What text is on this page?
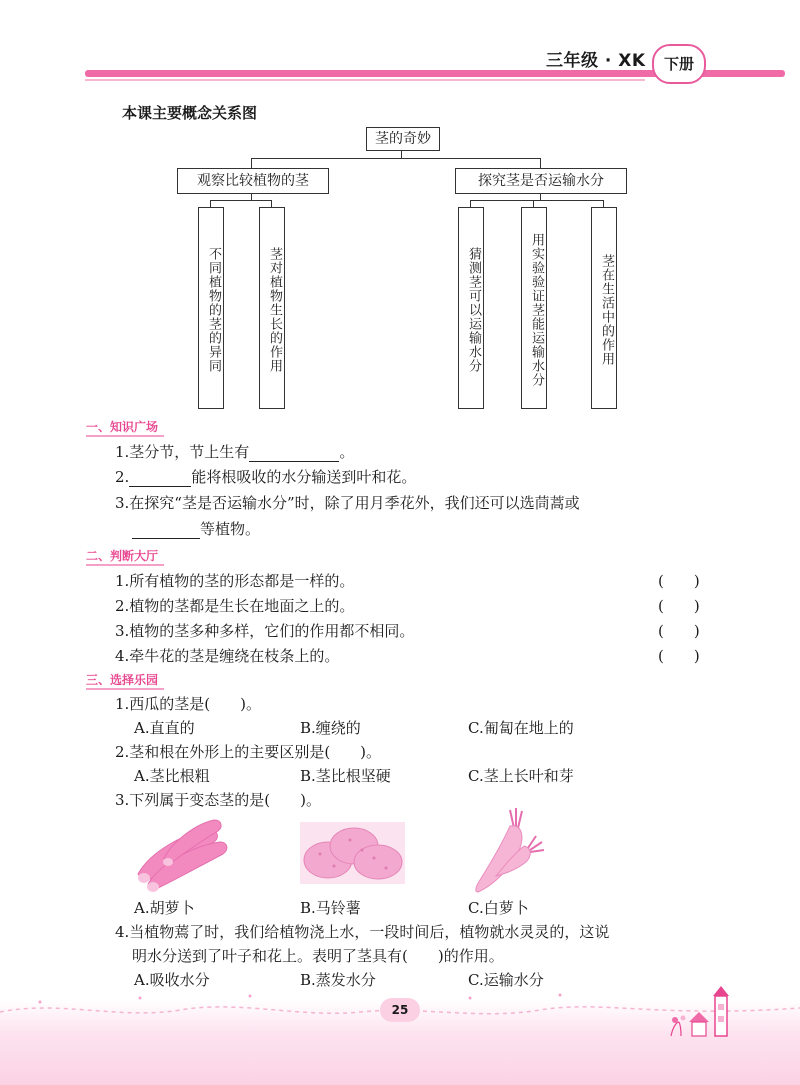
三年级 · XK	下册
本课主要概念关系图
茎的奇妙
观察比较植物的茎	探究茎是否运输水分
不同植物的茎的异同	茎对植物生长的作用	猜测茎可以运输水分	用实验验证茎能运输水分	茎在生活中的作用
一、知识广场
1.茎分节，节上生有	。
2.	能将根吸收的水分输送到叶和花。
3.在探究“茎是否运输水分”时，除了用月季花外，我们还可以选茼蒿或
等植物。
二、判断大厅
1.所有植物的茎的形态都是一样的。	(　　)
2.植物的茎都是生长在地面之上的。	(　　)
3.植物的茎多种多样，它们的作用都不相同。	(　　)
4.牵牛花的茎是缠绕在枝条上的。	(　　)
三、选择乐园
1.西瓜的茎是(　　)。
A.直直的	B.缠绕的	C.匍匐在地上的
2.茎和根在外形上的主要区别是(　　)。
A.茎比根粗	B.茎比根坚硬	C.茎上长叶和芽
3.下列属于变态茎的是(　　)。
A.胡萝卜	B.马铃薯	C.白萝卜
4.当植物蔫了时，我们给植物浇上水，一段时间后，植物就水灵灵的，这说
明水分送到了叶子和花上。表明了茎具有(　　)的作用。
A.吸收水分	B.蒸发水分	C.运输水分
25
